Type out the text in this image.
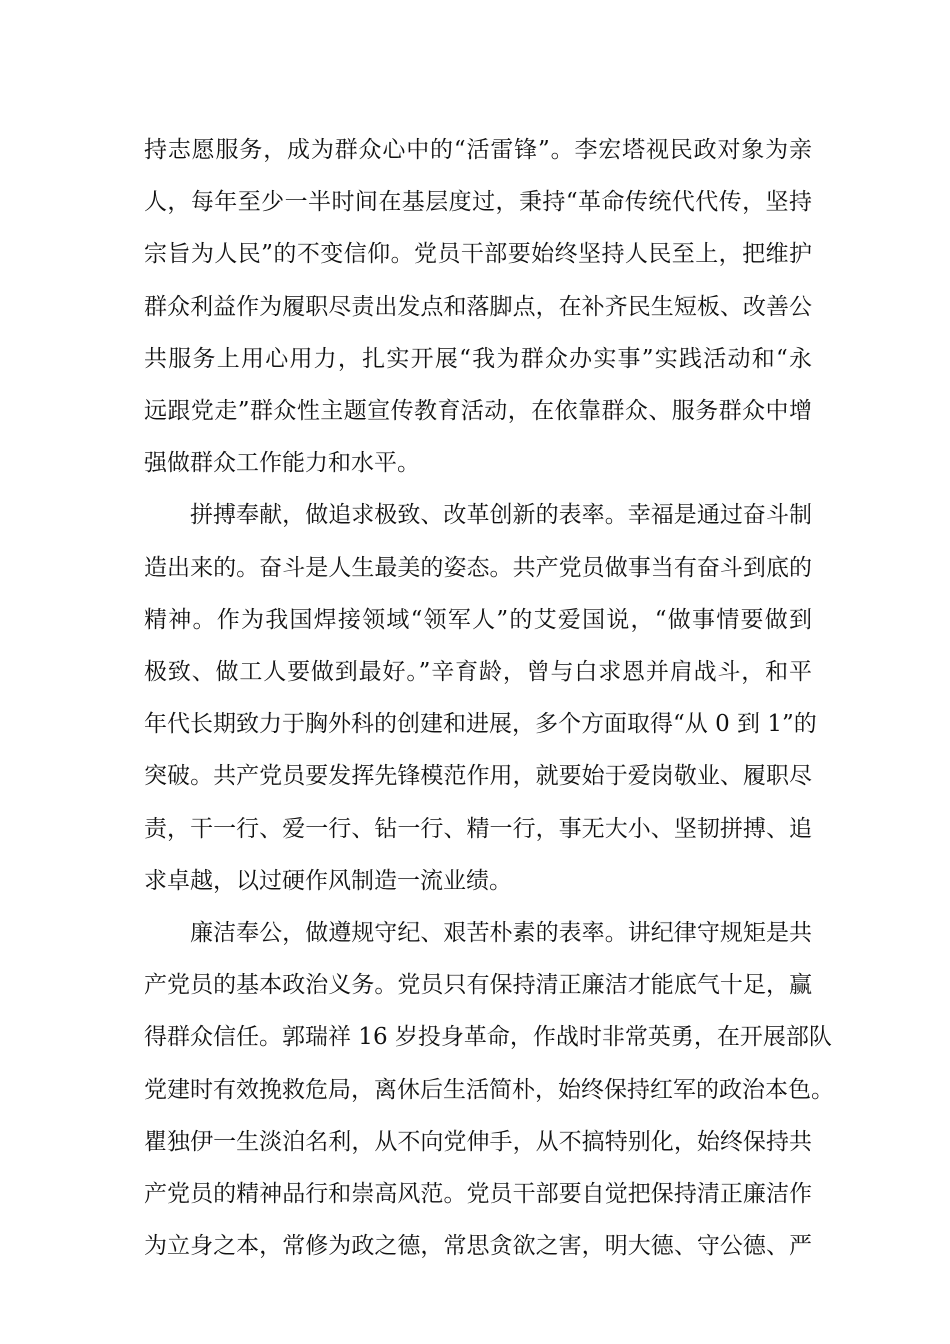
持志愿服务，成为群众心中的“活雷锋”。李宏塔视民政对象为亲
人，每年至少一半时间在基层度过，秉持“革命传统代代传，坚持
宗旨为人民”的不变信仰。党员干部要始终坚持人民至上，把维护
群众利益作为履职尽责出发点和落脚点，在补齐民生短板、改善公
共服务上用心用力，扎实开展“我为群众办实事”实践活动和“永
远跟党走”群众性主题宣传教育活动，在依靠群众、服务群众中增
强做群众工作能力和水平。
拼搏奉献，做追求极致、改革创新的表率。幸福是通过奋斗制
造出来的。奋斗是人生最美的姿态。共产党员做事当有奋斗到底的
精神。作为我国焊接领域“领军人”的艾爱国说，“做事情要做到
极致、做工人要做到最好。”辛育龄，曾与白求恩并肩战斗，和平
年代长期致力于胸外科的创建和进展，多个方面取得“从 0 到 1”的
突破。共产党员要发挥先锋模范作用，就要始于爱岗敬业、履职尽
责，干一行、爱一行、钻一行、精一行，事无大小、坚韧拼搏、追
求卓越，以过硬作风制造一流业绩。
廉洁奉公，做遵规守纪、艰苦朴素的表率。讲纪律守规矩是共
产党员的基本政治义务。党员只有保持清正廉洁才能底气十足，赢
得群众信任。郭瑞祥 16 岁投身革命，作战时非常英勇，在开展部队
党建时有效挽救危局，离休后生活简朴，始终保持红军的政治本色。
瞿独伊一生淡泊名利，从不向党伸手，从不搞特别化，始终保持共
产党员的精神品行和崇高风范。党员干部要自觉把保持清正廉洁作
为立身之本，常修为政之德，常思贪欲之害，明大德、守公德、严
